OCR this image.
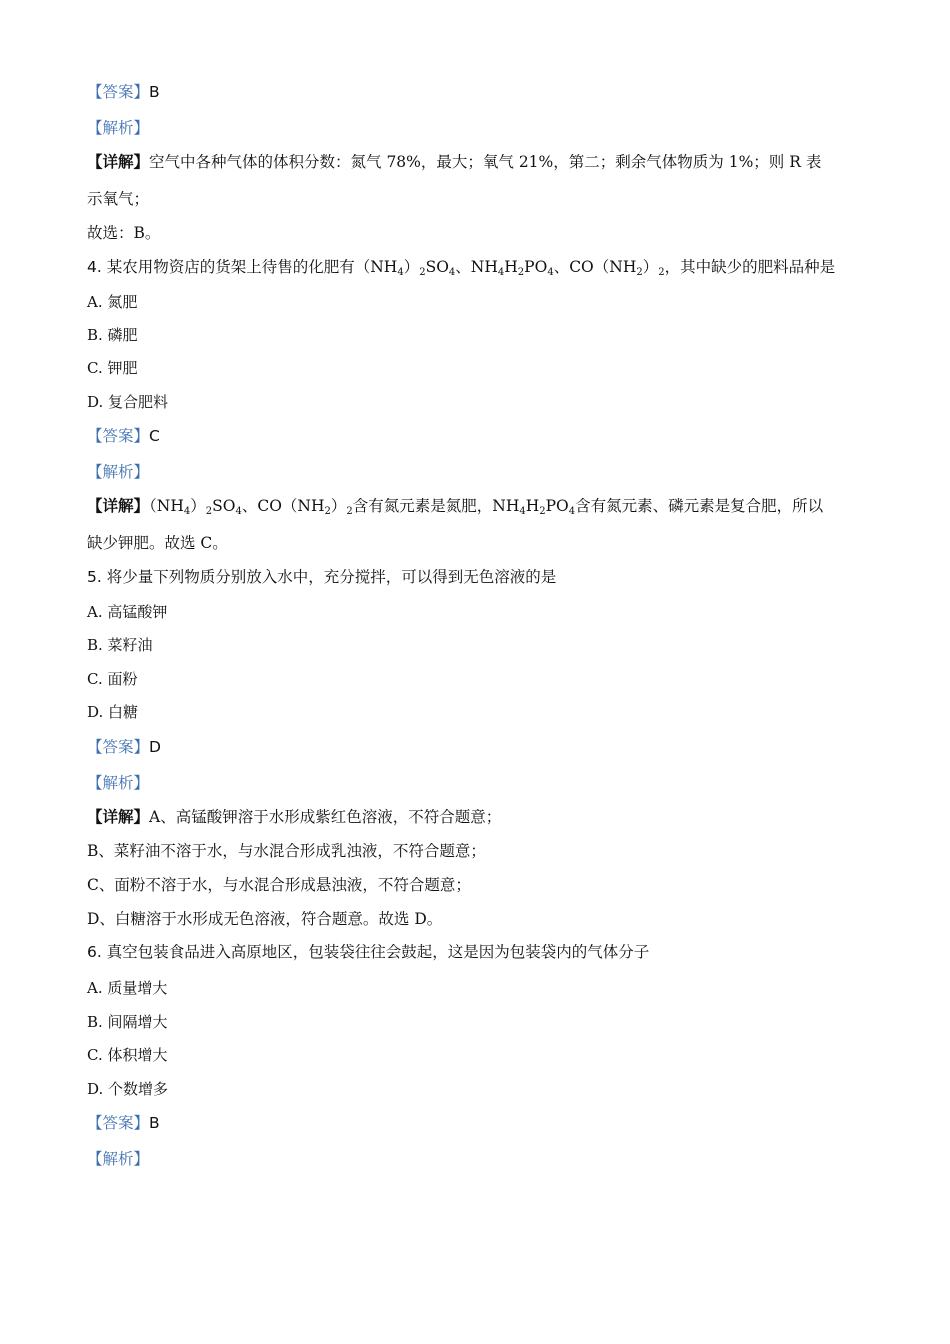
【答案】B
【解析】
【详解】空气中各种气体的体积分数：氮气 78%，最大；氧气 21%，第二；剩余气体物质为 1%；则 R 表
示氧气；
故选：B。
4. 某农用物资店的货架上待售的化肥有$(NH_4)_2SO_4$、$NH_4H_2PO_4$、$CO(NH_2)_2$，其中缺少的肥料品种是
A. 氮肥
B. 磷肥
C. 钾肥
D. 复合肥料
【答案】C
【解析】
【详解】$(NH_4)_2SO_4$、$CO(NH_2)_2$含有氮元素是氮肥，$NH_4H_2PO_4$含有氮元素、磷元素是复合肥，所以
缺少钾肥。故选 C。
5. 将少量下列物质分别放入水中，充分搅拌，可以得到无色溶液的是
A. 高锰酸钾
B. 菜籽油
C. 面粉
D. 白糖
【答案】D
【解析】
【详解】A、高锰酸钾溶于水形成紫红色溶液，不符合题意；
B、菜籽油不溶于水，与水混合形成乳浊液，不符合题意；
C、面粉不溶于水，与水混合形成悬浊液，不符合题意；
D、白糖溶于水形成无色溶液，符合题意。故选 D。
6. 真空包装食品进入高原地区，包装袋往往会鼓起，这是因为包装袋内的气体分子
A. 质量增大
B. 间隔增大
C. 体积增大
D. 个数增多
【答案】B
【解析】
